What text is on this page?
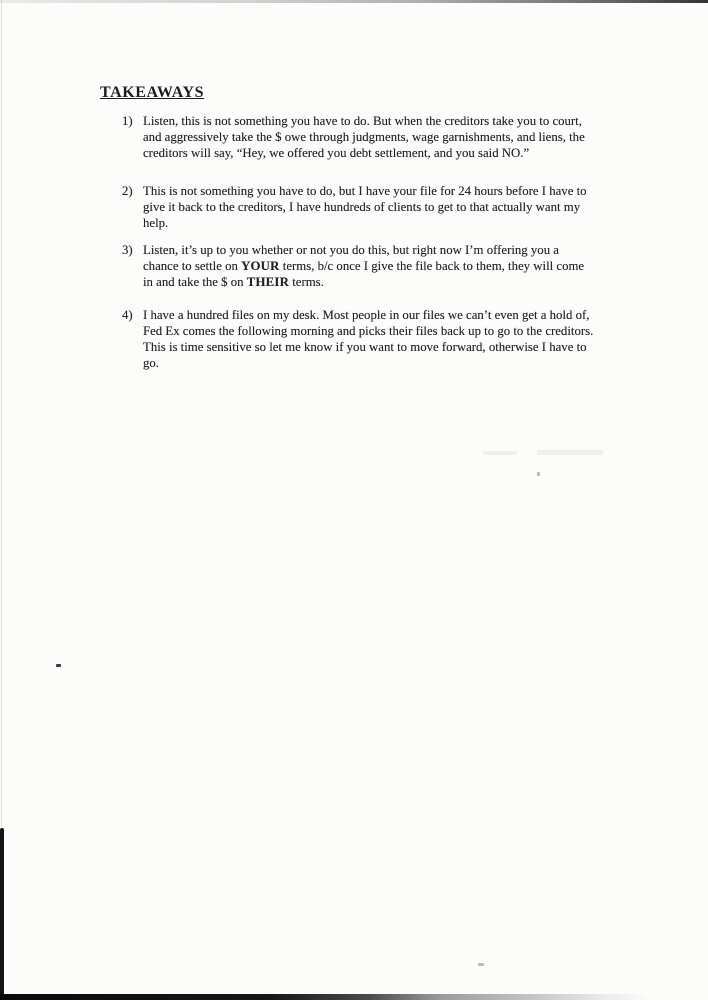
TAKEAWAYS
1) Listen, this is not something you have to do. But when the creditors take you to court, and aggressively take the $ owe through judgments, wage garnishments, and liens, the creditors will say, “Hey, we offered you debt settlement, and you said NO.”
2) This is not something you have to do, but I have your file for 24 hours before I have to give it back to the creditors, I have hundreds of clients to get to that actually want my help.
3) Listen, it’s up to you whether or not you do this, but right now I’m offering you a chance to settle on YOUR terms, b/c once I give the file back to them, they will come in and take the $ on THEIR terms.
4) I have a hundred files on my desk. Most people in our files we can’t even get a hold of, Fed Ex comes the following morning and picks their files back up to go to the creditors. This is time sensitive so let me know if you want to move forward, otherwise I have to go.
